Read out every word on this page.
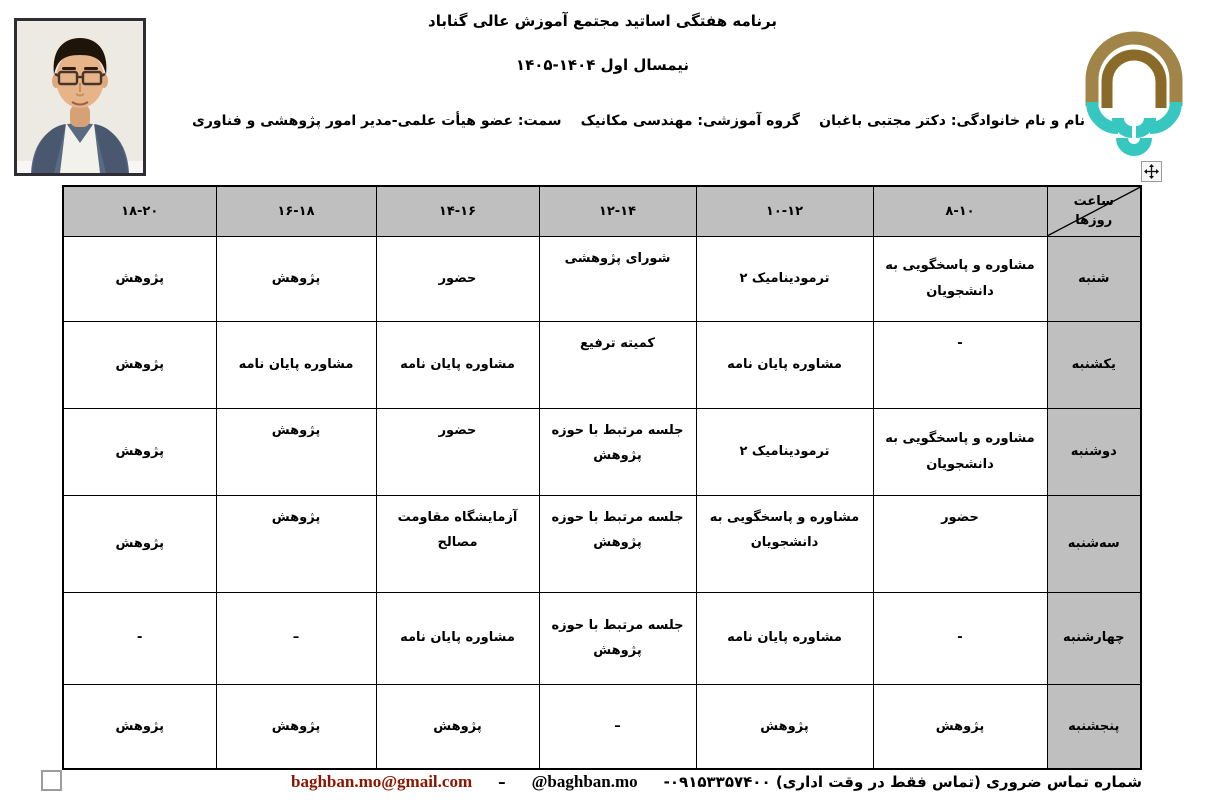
برنامه هفتگی اساتید مجتمع آموزش عالی گناباد
نیمسال اول ۱۴۰۴-۱۴۰۵
نام و نام خانوادگی: دکتر مجتبی باغبان
گروه آموزشی: مهندسی مکانیک
سمت: عضو هیأت علمی-مدیر امور پژوهشی و فناوری
ساعت
روزها	۸-۱۰	۱۰-۱۲	۱۲-۱۴	۱۴-۱۶	۱۶-۱۸	۱۸-۲۰
شنبه	مشاوره و پاسخگویی به دانشجویان	ترمودینامیک ۲	شورای پژوهشی	حضور	پژوهش	پژوهش
یکشنبه	-	مشاوره پایان نامه	کمیته ترفیع	مشاوره پایان نامه	مشاوره پایان نامه	پژوهش
دوشنبه	مشاوره و پاسخگویی به دانشجویان	ترمودینامیک ۲	جلسه مرتبط با حوزه پژوهش	حضور	پژوهش	پژوهش
سه‌شنبه	حضور	مشاوره و پاسخگویی به دانشجویان	جلسه مرتبط با حوزه پژوهش	آزمایشگاه مقاومت مصالح	پژوهش	پژوهش
چهارشنبه	-	مشاوره پایان نامه	جلسه مرتبط با حوزه پژوهش	مشاوره پایان نامه	–	-
پنجشنبه	پژوهش	پژوهش	–	پژوهش	پژوهش	پژوهش
شماره تماس ضروری (تماس فقط در وقت اداری) ۰۹۱۵۳۳۵۷۴۰۰-
@baghban.mo
–
baghban.mo@gmail.com
